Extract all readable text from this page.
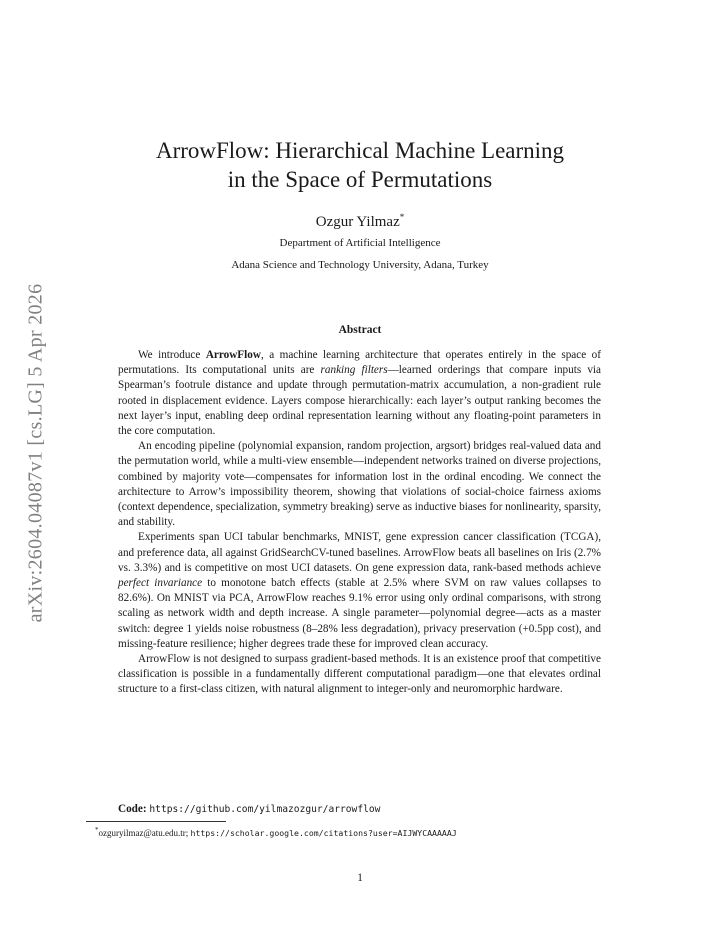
arXiv:2604.04087v1 [cs.LG] 5 Apr 2026
ArrowFlow: Hierarchical Machine Learning
in the Space of Permutations
Ozgur Yilmaz*
Department of Artificial Intelligence
Adana Science and Technology University, Adana, Turkey
Abstract

We introduce ArrowFlow, a machine learning architecture that operates entirely in the space of permutations. Its computational units are ranking filters—learned orderings that compare inputs via Spearman’s footrule distance and update through permutation-matrix accumulation, a non-gradient rule rooted in displacement evidence. Layers compose hierarchically: each layer’s output ranking becomes the next layer’s input, enabling deep ordinal representation learning without any floating-point parameters in the core computation.

An encoding pipeline (polynomial expansion, random projection, argsort) bridges real-valued data and the permutation world, while a multi-view ensemble—independent networks trained on diverse projections, combined by majority vote—compensates for information lost in the ordinal encoding. We connect the architecture to Arrow’s impossibility theorem, showing that violations of social-choice fairness axioms (context dependence, specialization, symmetry breaking) serve as inductive biases for nonlinearity, sparsity, and stability.

Experiments span UCI tabular benchmarks, MNIST, gene expression cancer classification (TCGA), and preference data, all against GridSearchCV-tuned baselines. ArrowFlow beats all baselines on Iris (2.7% vs. 3.3%) and is competitive on most UCI datasets. On gene expression data, rank-based methods achieve perfect invariance to monotone batch effects (stable at 2.5% where SVM on raw values collapses to 82.6%). On MNIST via PCA, ArrowFlow reaches 9.1% error using only ordinal comparisons, with strong scaling as network width and depth increase. A single parameter—polynomial degree—acts as a master switch: degree 1 yields noise robustness (8–28% less degradation), privacy preservation (+0.5pp cost), and missing-feature resilience; higher degrees trade these for improved clean accuracy.

ArrowFlow is not designed to surpass gradient-based methods. It is an existence proof that competitive classification is possible in a fundamentally different computational paradigm—one that elevates ordinal structure to a first-class citizen, with natural alignment to integer-only and neuromorphic hardware.

Code: https://github.com/yilmazozgur/arrowflow
*ozguryilmaz@atu.edu.tr; https://scholar.google.com/citations?user=AIJWYCAAAAAJ
1
